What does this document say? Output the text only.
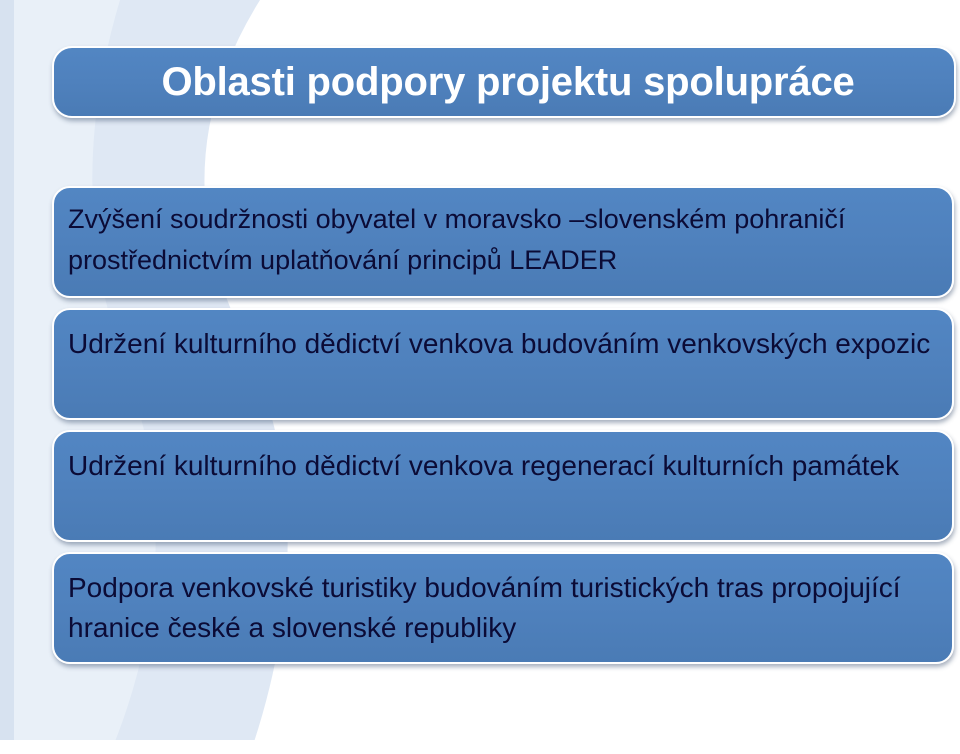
Oblasti podpory projektu spolupráce
Zvýšení soudržnosti obyvatel v moravsko –slovenském pohraničí prostřednictvím uplatňování principů LEADER
Udržení kulturního dědictví venkova budováním venkovských expozic
Udržení kulturního dědictví venkova regenerací kulturních památek
Podpora venkovské turistiky budováním turistických tras propojující hranice české a slovenské republiky
